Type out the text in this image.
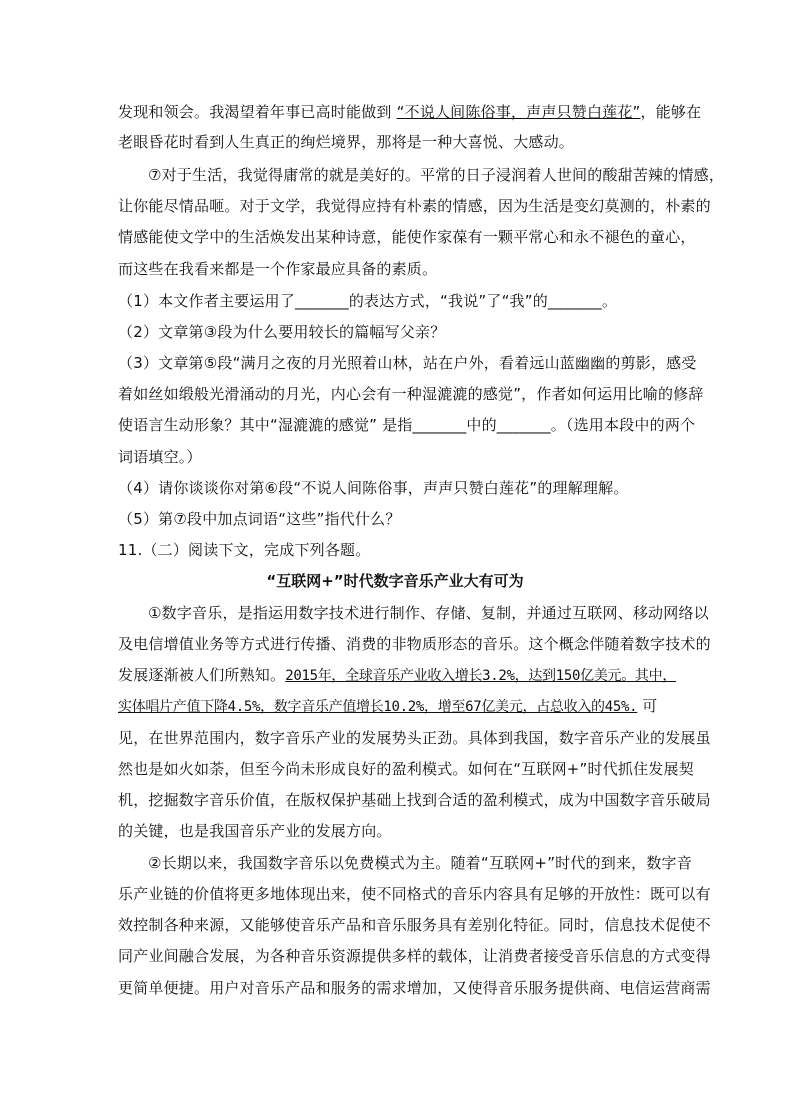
发现和领会。我渴望着年事已高时能做到 “不说人间陈俗事，声声只赞白莲花”，能够在
老眼昏花时看到人生真正的绚烂境界，那将是一种大喜悦、大感动。
⑦对于生活，我觉得庸常的就是美好的。平常的日子浸润着人世间的酸甜苦辣的情感，
让你能尽情品咂。对于文学，我觉得应持有朴素的情感，因为生活是变幻莫测的，朴素的
情感能使文学中的生活焕发出某种诗意，能使作家葆有一颗平常心和永不褪色的童心，
而这些在我看来都是一个作家最应具备的素质。
（1）本文作者主要运用了_______的表达方式，“我说”了“我”的_______。
（2）文章第③段为什么要用较长的篇幅写父亲？
（3）文章第⑤段“满月之夜的月光照着山林，站在户外，看着远山蓝幽幽的剪影，感受
着如丝如缎般光滑涌动的月光，内心会有一种湿漉漉的感觉”，作者如何运用比喻的修辞
使语言生动形象？其中“湿漉漉的感觉” 是指_______中的_______。（选用本段中的两个
词语填空。）
（4）请你谈谈你对第⑥段“不说人间陈俗事，声声只赞白莲花”的理解理解。
（5）第⑦段中加点词语“这些”指代什么？
11.（二）阅读下文，完成下列各题。
“互联网+”时代数字音乐产业大有可为
①数字音乐，是指运用数字技术进行制作、存储、复制，并通过互联网、移动网络以
及电信增值业务等方式进行传播、消费的非物质形态的音乐。这个概念伴随着数字技术的
发展逐渐被人们所熟知。2015年，全球音乐产业收入增长3.2%，达到150亿美元。其中，
实体唱片产值下降4.5%，数字音乐产值增长10.2%，增至67亿美元，占总收入的45%. 可
见，在世界范围内，数字音乐产业的发展势头正劲。具体到我国，数字音乐产业的发展虽
然也是如火如荼，但至今尚未形成良好的盈利模式。如何在“互联网+”时代抓住发展契
机，挖掘数字音乐价值，在版权保护基础上找到合适的盈利模式，成为中国数字音乐破局
的关键，也是我国音乐产业的发展方向。
②长期以来，我国数字音乐以免费模式为主。随着“互联网+”时代的到来，数字音
乐产业链的价值将更多地体现出来，使不同格式的音乐内容具有足够的开放性：既可以有
效控制各种来源，又能够使音乐产品和音乐服务具有差别化特征。同时，信息技术促使不
同产业间融合发展，为各种音乐资源提供多样的载体，让消费者接受音乐信息的方式变得
更简单便捷。用户对音乐产品和服务的需求增加，又使得音乐服务提供商、电信运营商需
